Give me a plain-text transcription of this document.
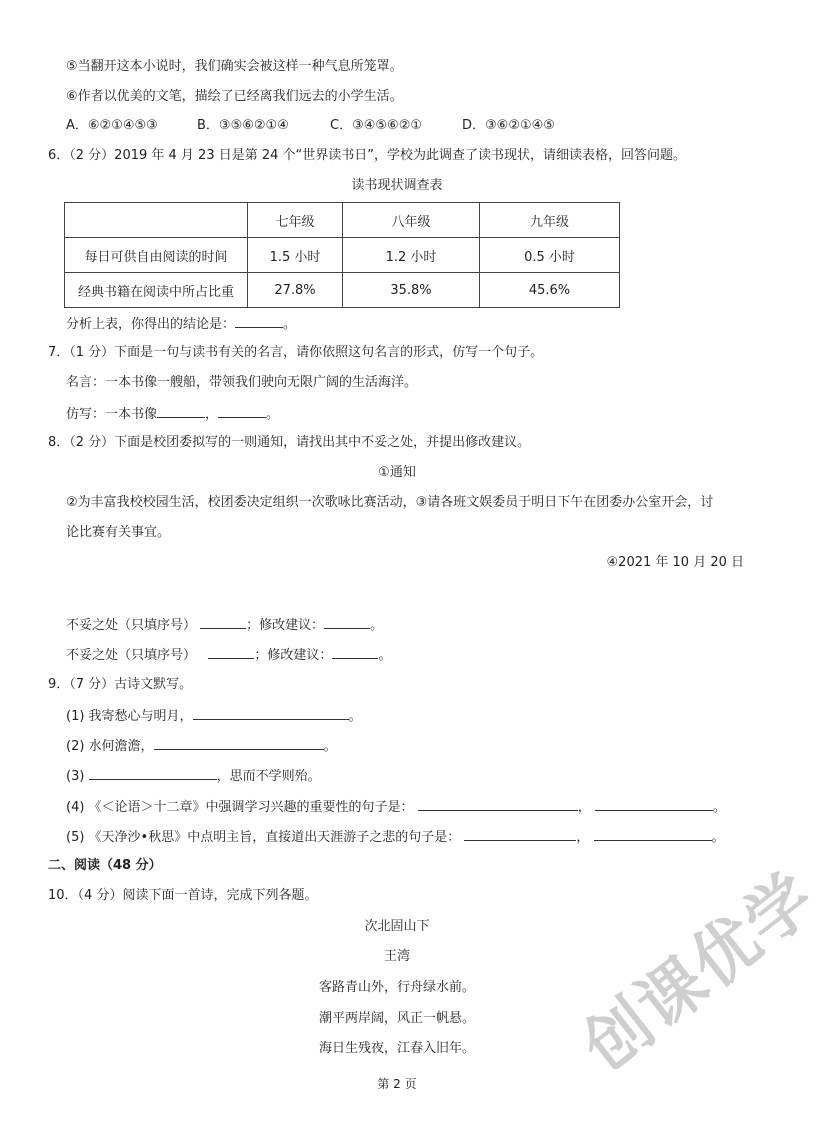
⑤当翻开这本小说时，我们确实会被这样一种气息所笼罩。
⑥作者以优美的文笔，描绘了已经离我们远去的小学生活。
A．⑥②①④⑤③	B．③⑤⑥②①④	C．③④⑤⑥②①	D．③⑥②①④⑤
6．（2 分）2019 年 4 月 23 日是第 24 个“世界读书日”，学校为此调查了读书现状，请细读表格，回答问题。
读书现状调查表
	七年级	八年级	九年级
每日可供自由阅读的时间	1.5 小时	1.2 小时	0.5 小时
经典书籍在阅读中所占比重	27.8%	35.8%	45.6%
分析上表，你得出的结论是：	。
7．（1 分）下面是一句与读书有关的名言，请你依照这句名言的形式，仿写一个句子。
名言：一本书像一艘船，带领我们驶向无限广阔的生活海洋。
仿写：一本书像	，	。
8．（2 分）下面是校团委拟写的一则通知，请找出其中不妥之处，并提出修改建议。
①通知
②为丰富我校校园生活，校团委决定组织一次歌咏比赛活动，③请各班文娱委员于明日下午在团委办公室开会，讨
论比赛有关事宜。
④2021 年 10 月 20 日
不妥之处（只填序号）	；修改建议：	。
不妥之处（只填序号）	；修改建议：	。
9．（7 分）古诗文默写。
(1) 我寄愁心与明月，	。
(2) 水何澹澹，	。
(3)	，思而不学则殆。
(4) 《＜论语＞十二章》中强调学习兴趣的重要性的句子是：	，	。
(5) 《天净沙•秋思》中点明主旨，直接道出天涯游子之悲的句子是：	，	。
二、阅读（48 分）
10．（4 分）阅读下面一首诗，完成下列各题。
次北固山下
王湾
客路青山外，行舟绿水前。
潮平两岸阔，风正一帆悬。
海日生残夜，江春入旧年。
第 2 页	创课优学
